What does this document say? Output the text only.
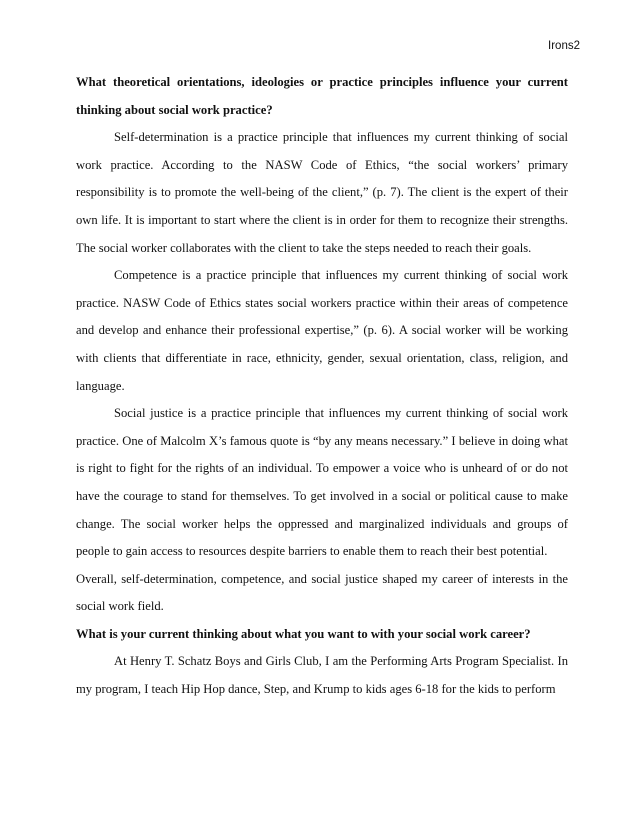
Irons2

What theoretical orientations, ideologies or practice principles influence your current thinking about social work practice?

Self-determination is a practice principle that influences my current thinking of social work practice. According to the NASW Code of Ethics, “the social workers’ primary responsibility is to promote the well-being of the client,” (p. 7). The client is the expert of their own life. It is important to start where the client is in order for them to recognize their strengths. The social worker collaborates with the client to take the steps needed to reach their goals.

Competence is a practice principle that influences my current thinking of social work practice. NASW Code of Ethics states social workers practice within their areas of competence and develop and enhance their professional expertise,” (p. 6). A social worker will be working with clients that differentiate in race, ethnicity, gender, sexual orientation, class, religion, and language.

Social justice is a practice principle that influences my current thinking of social work practice. One of Malcolm X’s famous quote is “by any means necessary.” I believe in doing what is right to fight for the rights of an individual. To empower a voice who is unheard of or do not have the courage to stand for themselves. To get involved in a social or political cause to make change. The social worker helps the oppressed and marginalized individuals and groups of people to gain access to resources despite barriers to enable them to reach their best potential.

Overall, self-determination, competence, and social justice shaped my career of interests in the social work field.

What is your current thinking about what you want to with your social work career?

At Henry T. Schatz Boys and Girls Club, I am the Performing Arts Program Specialist. In my program, I teach Hip Hop dance, Step, and Krump to kids ages 6-18 for the kids to perform
